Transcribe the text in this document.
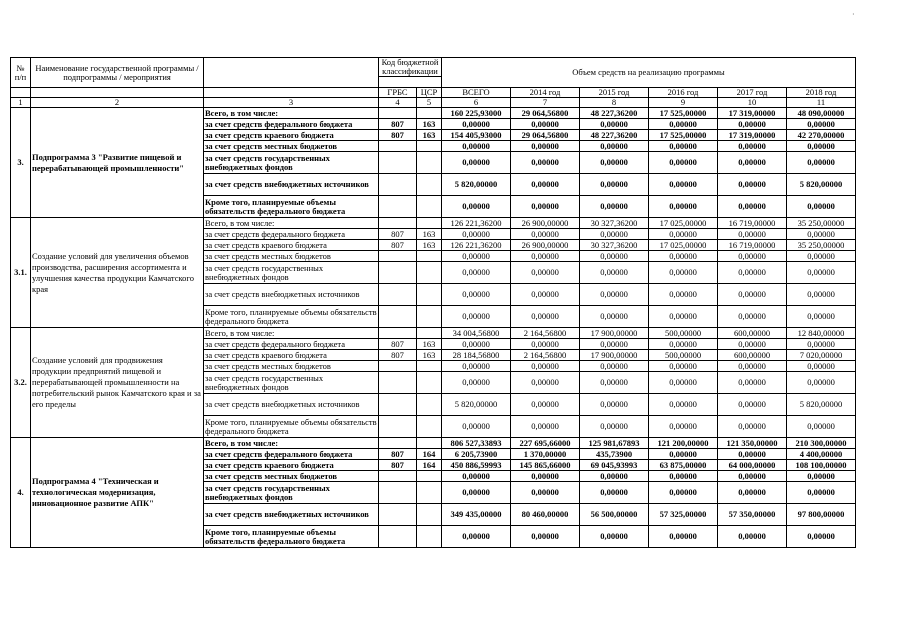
·
№ п/п	Наименование государственной программы / подпрограммы / мероприятия		Код бюджетной классификации		Объем средств на реализацию программы					

			ГРБС	ЦСР	ВСЕГО	2014 год	2015 год	2016 год	2017 год	2018 год
1	2	3	4	5	6	7	8	9	10	11
3.	Подпрограмма 3 "Развитие пищевой и перерабатывающей промышленности"	Всего, в том числе:			160 225,93000	29 064,56800	48 227,36200	17 525,00000	17 319,00000	48 090,00000
		за счет средств федерального бюджета	807	163	0,00000	0,00000	0,00000	0,00000	0,00000	0,00000
		за счет средств краевого бюджета	807	163	154 405,93000	29 064,56800	48 227,36200	17 525,00000	17 319,00000	42 270,00000
		за счет средств местных бюджетов			0,00000	0,00000	0,00000	0,00000	0,00000	0,00000
		за счет средств государственных внебюджетных фондов			0,00000	0,00000	0,00000	0,00000	0,00000	0,00000
		за счет средств внебюджетных источников			5 820,00000	0,00000	0,00000	0,00000	0,00000	5 820,00000
		Кроме того, планируемые объемы обязательств федерального бюджета			0,00000	0,00000	0,00000	0,00000	0,00000	0,00000
3.1.	Создание условий для увеличения объемов производства, расширения ассортимента и улучшения качества продукции Камчатского края	Всего, в том числе:			126 221,36200	26 900,00000	30 327,36200	17 025,00000	16 719,00000	35 250,00000
		за счет средств федерального бюджета	807	163	0,00000	0,00000	0,00000	0,00000	0,00000	0,00000
		за счет средств краевого бюджета	807	163	126 221,36200	26 900,00000	30 327,36200	17 025,00000	16 719,00000	35 250,00000
		за счет средств местных бюджетов			0,00000	0,00000	0,00000	0,00000	0,00000	0,00000
		за счет средств государственных внебюджетных фондов			0,00000	0,00000	0,00000	0,00000	0,00000	0,00000
		за счет средств внебюджетных источников			0,00000	0,00000	0,00000	0,00000	0,00000	0,00000
		Кроме того, планируемые объемы обязательств федерального бюджета			0,00000	0,00000	0,00000	0,00000	0,00000	0,00000
3.2.	Создание условий для продвижения продукции предприятий пищевой и перерабатывающей промышленности на потребительский рынок Камчатского края и за его пределы	Всего, в том числе:			34 004,56800	2 164,56800	17 900,00000	500,00000	600,00000	12 840,00000
		за счет средств федерального бюджета	807	163	0,00000	0,00000	0,00000	0,00000	0,00000	0,00000
		за счет средств краевого бюджета	807	163	28 184,56800	2 164,56800	17 900,00000	500,00000	600,00000	7 020,00000
		за счет средств местных бюджетов			0,00000	0,00000	0,00000	0,00000	0,00000	0,00000
		за счет средств государственных внебюджетных фондов			0,00000	0,00000	0,00000	0,00000	0,00000	0,00000
		за счет средств внебюджетных источников			5 820,00000	0,00000	0,00000	0,00000	0,00000	5 820,00000
		Кроме того, планируемые объемы обязательств федерального бюджета			0,00000	0,00000	0,00000	0,00000	0,00000	0,00000
4.	Подпрограмма 4 "Техническая и технологическая модернизация, инновационное развитие АПК"	Всего, в том числе:			806 527,33893	227 695,66000	125 981,67893	121 200,00000	121 350,00000	210 300,00000
		за счет средств федерального бюджета	807	164	6 205,73900	1 370,00000	435,73900	0,00000	0,00000	4 400,00000
		за счет средств краевого бюджета	807	164	450 886,59993	145 865,66000	69 045,93993	63 875,00000	64 000,00000	108 100,00000
		за счет средств местных бюджетов			0,00000	0,00000	0,00000	0,00000	0,00000	0,00000
		за счет средств государственных внебюджетных фондов			0,00000	0,00000	0,00000	0,00000	0,00000	0,00000
		за счет средств внебюджетных источников			349 435,00000	80 460,00000	56 500,00000	57 325,00000	57 350,00000	97 800,00000
		Кроме того, планируемые объемы обязательств федерального бюджета			0,00000	0,00000	0,00000	0,00000	0,00000	0,00000
